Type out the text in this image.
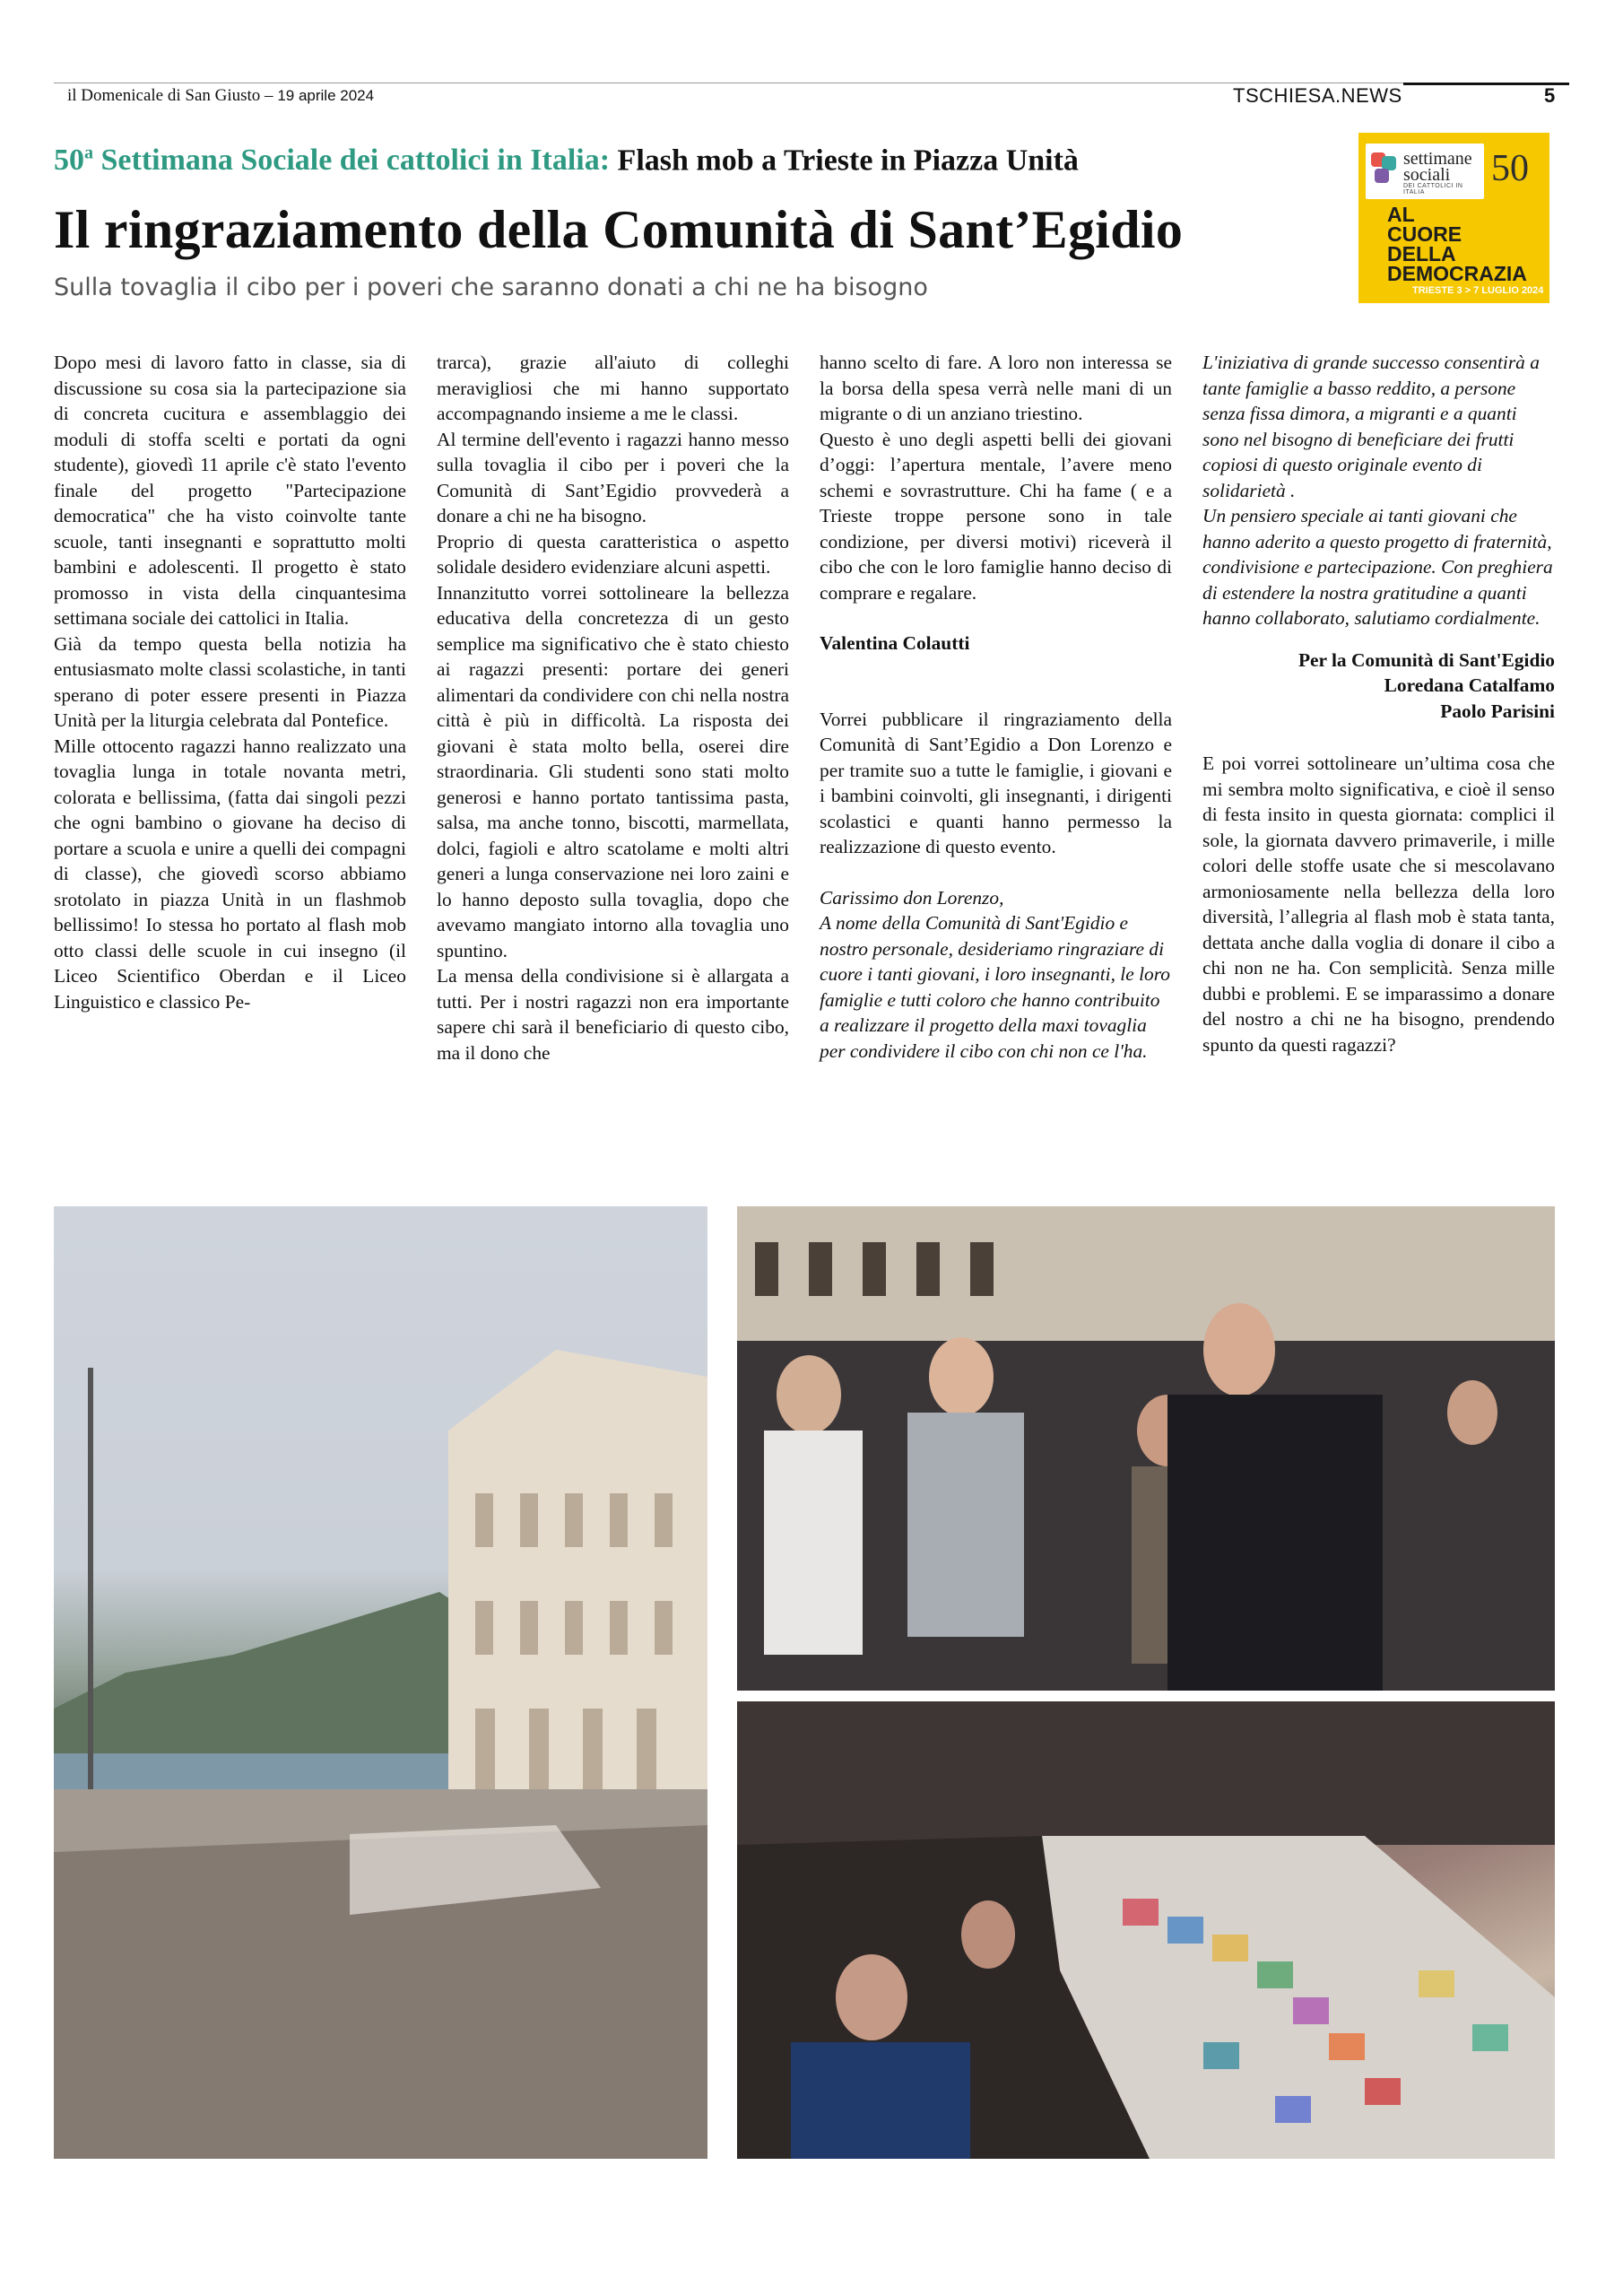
il Domenicale di San Giusto – 19 aprile 2024	TSCHIESA.NEWS	5
50$^a$ Settimana Sociale dei cattolici in Italia: Flash mob a Trieste in Piazza Unità
Il ringraziamento della Comunità di Sant’Egidio
Sulla tovaglia il cibo per i poveri che saranno donati a chi ne ha bisogno
settimane
sociali
DEI CATTOLICI IN ITALIA
50
AL
CUORE
DELLA
DEMOCRAZIA
TRIESTE 3 > 7 LUGLIO 2024

Dopo mesi di lavoro fatto in classe, sia di discussione su cosa sia la partecipazione sia di concreta cucitura e assemblaggio dei moduli di stoffa scelti e portati da ogni studente), giovedì 11 aprile c'è stato l'evento finale del progetto "Partecipazione democratica" che ha visto coinvolte tante scuole, tanti insegnanti e soprattutto molti bambini e adolescenti. Il progetto è stato promosso in vista della cinquantesima settimana sociale dei cattolici in Italia.

Già da tempo questa bella notizia ha entusiasmato molte classi scolastiche, in tanti sperano di poter essere presenti in Piazza Unità per la liturgia celebrata dal Pontefice.

Mille ottocento ragazzi hanno realizzato una tovaglia lunga in totale novanta metri, colorata e bellissima, (fatta dai singoli pezzi che ogni bambino o giovane ha deciso di portare a scuola e unire a quelli dei compagni di classe), che giovedì scorso abbiamo srotolato in piazza Unità in un flashmob bellissimo! Io stessa ho portato al flash mob otto classi delle scuole in cui insegno (il Liceo Scientifico Oberdan e il Liceo Linguistico e classico Pe-

trarca), grazie all'aiuto di colleghi meravigliosi che mi hanno supportato accompagnando insieme a me le classi.

Al termine dell'evento i ragazzi hanno messo sulla tovaglia il cibo per i poveri che la Comunità di Sant’Egidio provvederà a donare a chi ne ha bisogno.

Proprio di questa caratteristica o aspetto solidale desidero evidenziare alcuni aspetti.

Innanzitutto vorrei sottolineare la bellezza educativa della concretezza di un gesto semplice ma significativo che è stato chiesto ai ragazzi presenti: portare dei generi alimentari da condividere con chi nella nostra città è più in difficoltà. La risposta dei giovani è stata molto bella, oserei dire straordinaria. Gli studenti sono stati molto generosi e hanno portato tantissima pasta, salsa, ma anche tonno, biscotti, marmellata, dolci, fagioli e altro scatolame e molti altri generi a lunga conservazione nei loro zaini e lo hanno deposto sulla tovaglia, dopo che avevamo mangiato intorno alla tovaglia uno spuntino.

La mensa della condivisione si è allargata a tutti. Per i nostri ragazzi non era importante sapere chi sarà il beneficiario di questo cibo, ma il dono che

hanno scelto di fare. A loro non interessa se la borsa della spesa verrà nelle mani di un migrante o di un anziano triestino.

Questo è uno degli aspetti belli dei giovani d’oggi: l’apertura mentale, l’avere meno schemi e sovrastrutture. Chi ha fame ( e a Trieste troppe persone sono in tale condizione, per diversi motivi) riceverà il cibo che con le loro famiglie hanno deciso di comprare e regalare.

Valentina Colautti

Vorrei pubblicare il ringraziamento della Comunità di Sant’Egidio a Don Lorenzo e per tramite suo a tutte le famiglie, i giovani e i bambini coinvolti, gli insegnanti, i dirigenti scolastici e quanti hanno permesso la realizzazione di questo evento.

Carissimo don Lorenzo,

A nome della Comunità di Sant'Egidio e nostro personale, desideriamo ringraziare di cuore i tanti giovani, i loro insegnanti, le loro famiglie e tutti coloro che hanno contribuito a realizzare il progetto della maxi tovaglia per condividere il cibo con chi non ce l'ha.

L'iniziativa di grande successo consentirà a tante famiglie a basso reddito, a persone senza fissa dimora, a migranti e a quanti sono nel bisogno di beneficiare dei frutti copiosi di questo originale evento di solidarietà .

Un pensiero speciale ai tanti giovani che hanno aderito a questo progetto di fraternità, condivisione e partecipazione. Con preghiera di estendere la nostra gratitudine a quanti hanno collaborato, salutiamo cordialmente.

Per la Comunità di Sant'Egidio

Loredana Catalfamo

Paolo Parisini

E poi vorrei sottolineare un’ultima cosa che mi sembra molto significativa, e cioè il senso di festa insito in questa giornata: complici il sole, la giornata davvero primaverile, i mille colori delle stoffe usate che si mescolavano armoniosamente nella bellezza della loro diversità, l’allegria al flash mob è stata tanta, dettata anche dalla voglia di donare il cibo a chi non ne ha. Con semplicità. Senza mille dubbi e problemi. E se imparassimo a donare del nostro a chi ne ha bisogno, prendendo spunto da questi ragazzi?
